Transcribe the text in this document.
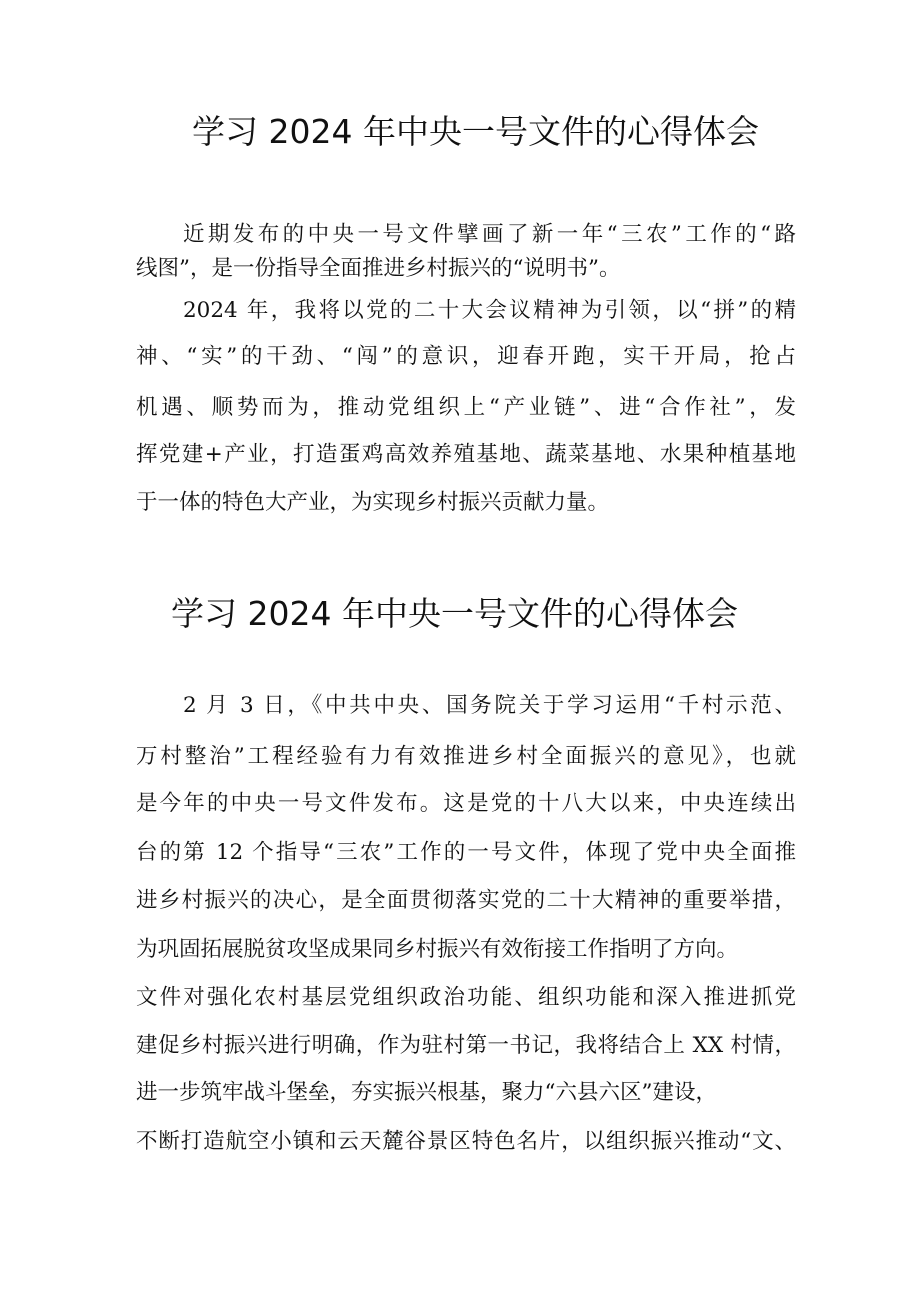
学习 2024 年中央一号文件的心得体会

近期发布的中央一号文件擘画了新一年“三农”工作的“路

线图”，是一份指导全面推进乡村振兴的“说明书”。

2024 年，我将以党的二十大会议精神为引领，以“拼”的精

神、“实”的干劲、“闯”的意识，迎春开跑，实干开局，抢占

机遇、顺势而为，推动党组织上“产业链”、进“合作社”，发

挥党建+产业，打造蛋鸡高效养殖基地、蔬菜基地、水果种植基地

于一体的特色大产业，为实现乡村振兴贡献力量。

学习 2024 年中央一号文件的心得体会

2 月 3 日，《中共中央、国务院关于学习运用“千村示范、

万村整治”工程经验有力有效推进乡村全面振兴的意见》，也就

是今年的中央一号文件发布。这是党的十八大以来，中央连续出

台的第 12 个指导“三农”工作的一号文件，体现了党中央全面推

进乡村振兴的决心，是全面贯彻落实党的二十大精神的重要举措，

为巩固拓展脱贫攻坚成果同乡村振兴有效衔接工作指明了方向。

文件对强化农村基层党组织政治功能、组织功能和深入推进抓党

建促乡村振兴进行明确，作为驻村第一书记，我将结合上 XX 村情，

进一步筑牢战斗堡垒，夯实振兴根基，聚力“六县六区”建设，

不断打造航空小镇和云天麓谷景区特色名片，以组织振兴推动“文、
